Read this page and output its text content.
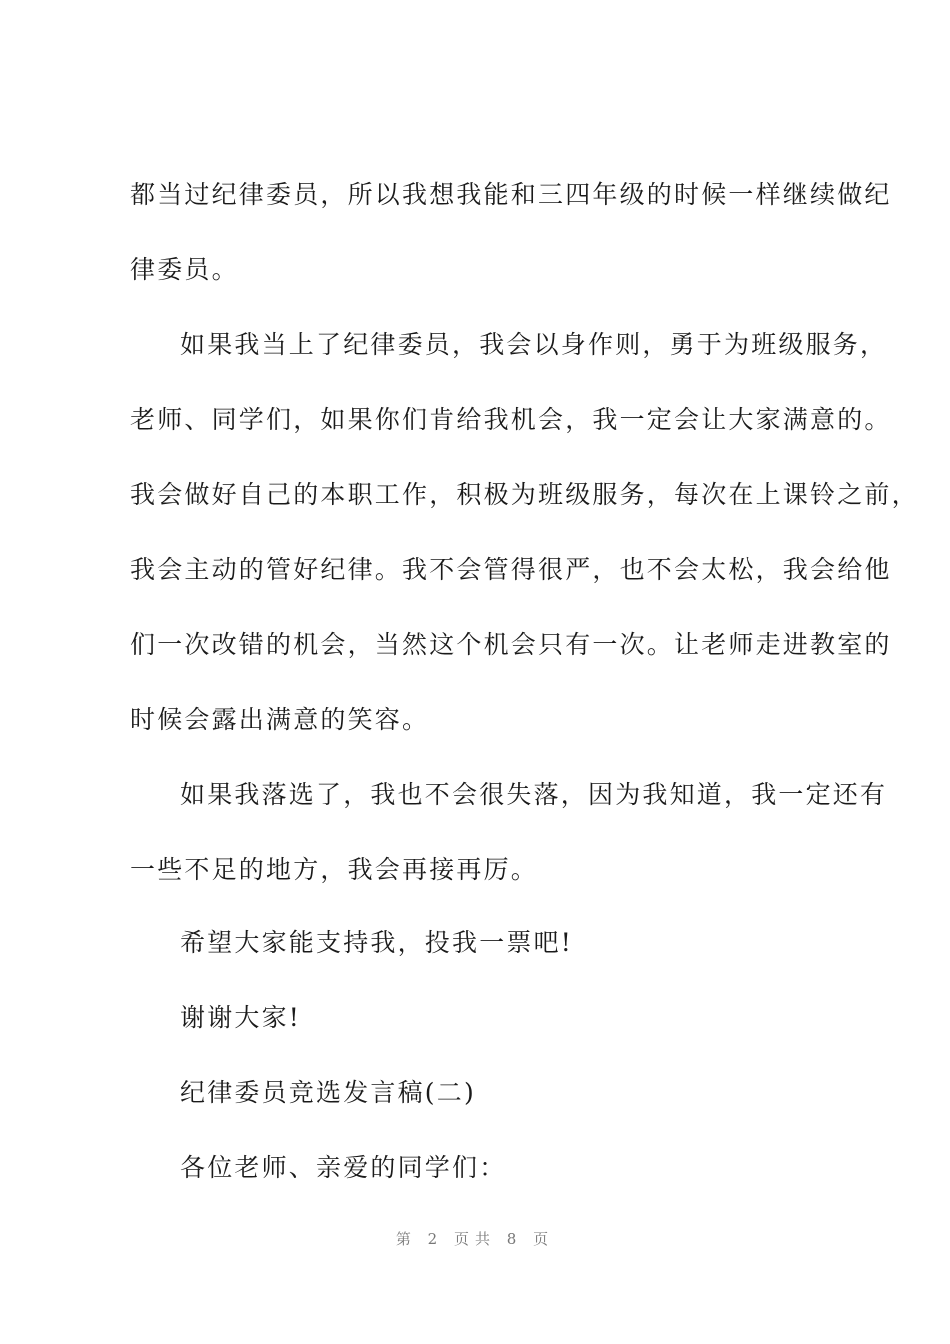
都当过纪律委员，所以我想我能和三四年级的时候一样继续做纪
律委员。
如果我当上了纪律委员，我会以身作则，勇于为班级服务，
老师、同学们，如果你们肯给我机会，我一定会让大家满意的。
我会做好自己的本职工作，积极为班级服务，每次在上课铃之前，
我会主动的管好纪律。我不会管得很严，也不会太松，我会给他
们一次改错的机会，当然这个机会只有一次。让老师走进教室的
时候会露出满意的笑容。
如果我落选了，我也不会很失落，因为我知道，我一定还有
一些不足的地方，我会再接再厉。
希望大家能支持我，投我一票吧!
谢谢大家!
纪律委员竞选发言稿(二)
各位老师、亲爱的同学们：
第 2 页共 8 页
